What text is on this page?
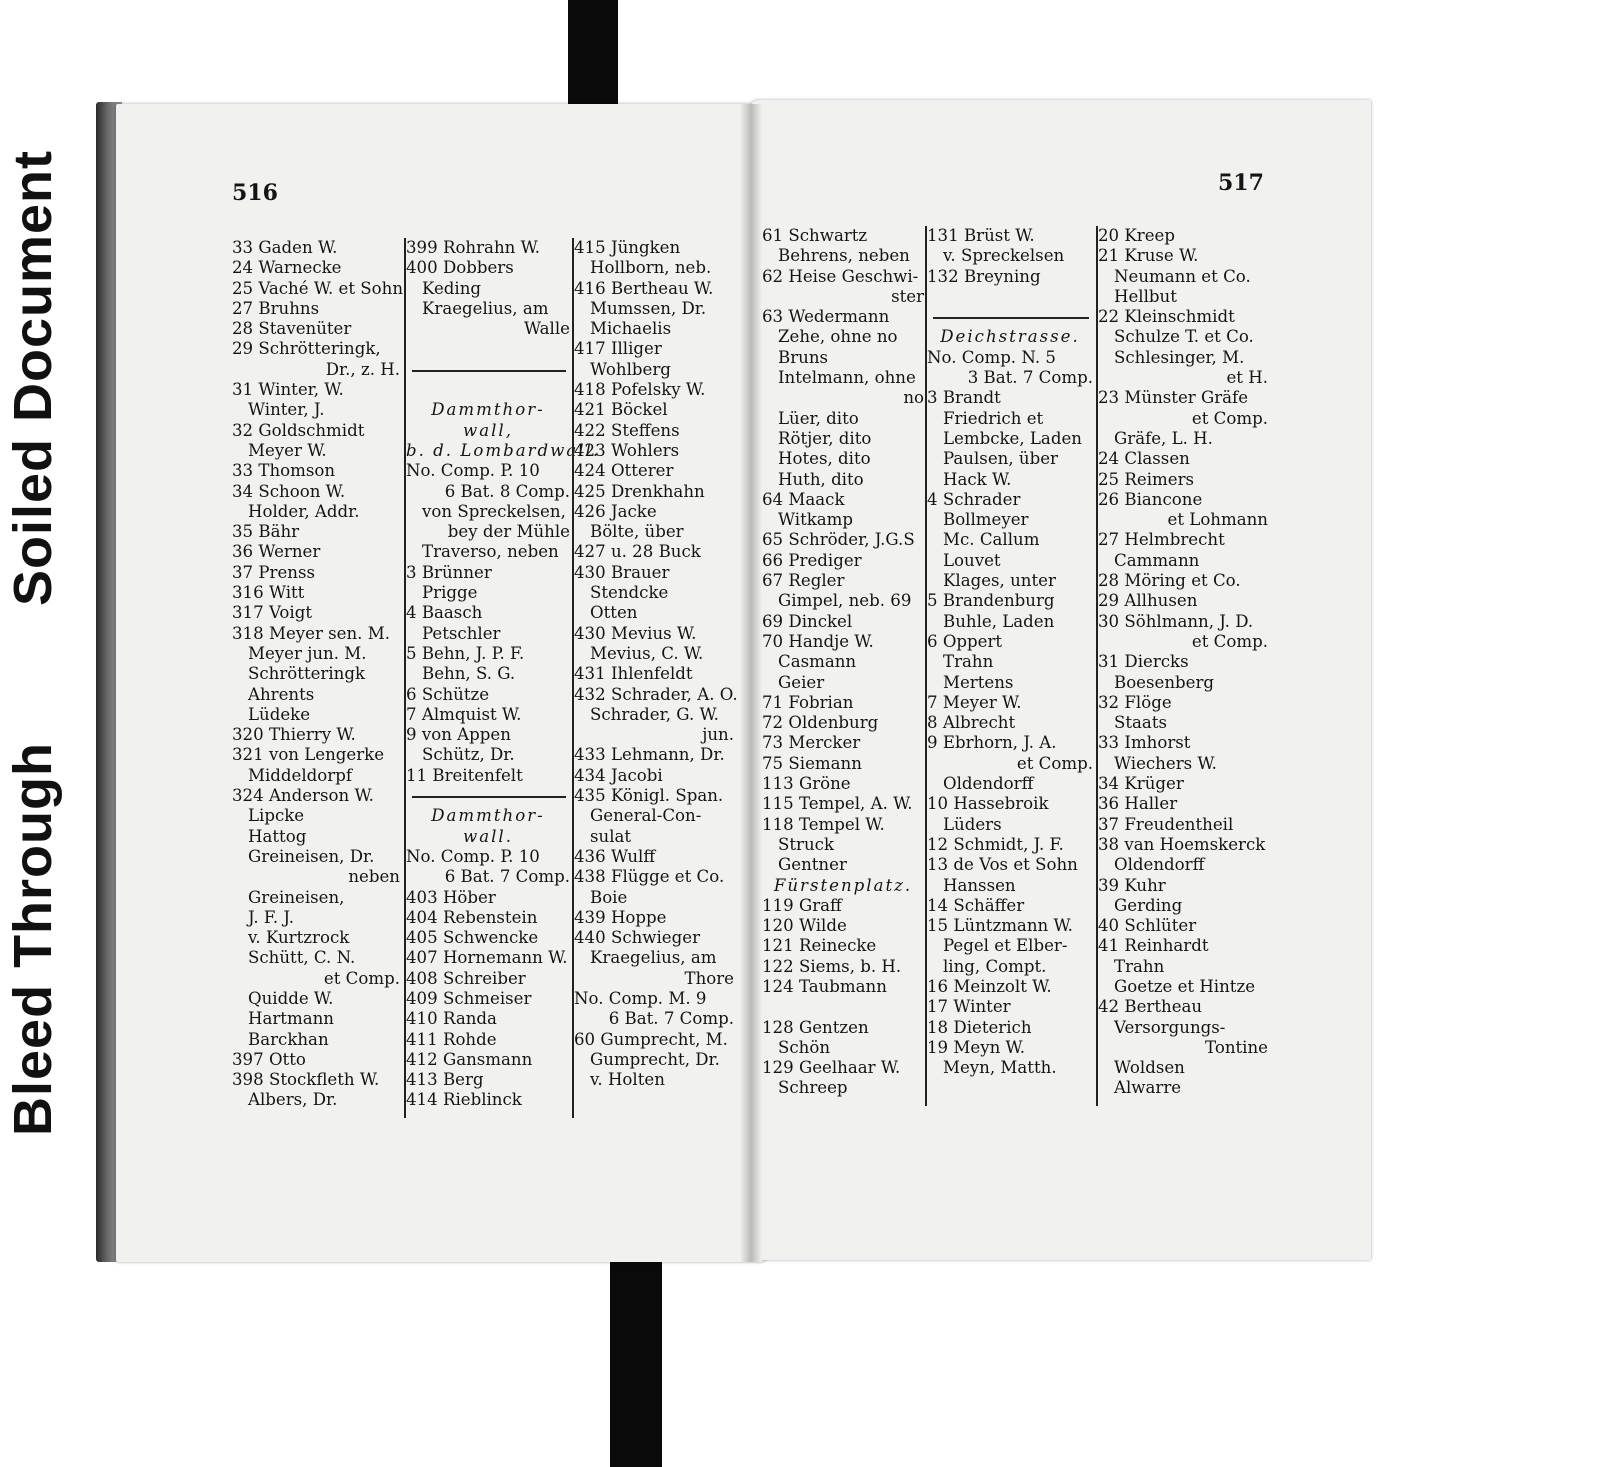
Soiled Document
Bleed Through
516	517
33 Gaden W.
24 Warnecke
25 Vaché W. et Sohn
27 Bruhns
28 Stavenüter
29 Schrötteringk,
Dr., z. H.
31 Winter, W.
Winter, J.
32 Goldschmidt
Meyer W.
33 Thomson
34 Schoon W.
Holder, Addr.
35 Bähr
36 Werner
37 Prenss
316 Witt
317 Voigt
318 Meyer sen. M.
Meyer jun. M.
Schrötteringk
Ahrents
Lüdeke
320 Thierry W.
321 von Lengerke
Middeldorpf
324 Anderson W.
Lipcke
Hattog
Greineisen, Dr.
neben
Greineisen,
J. F. J.
v. Kurtzrock
Schütt, C. N.
et Comp.
Quidde W.
Hartmann
Barckhan
397 Otto
398 Stockfleth W.
Albers, Dr.
399 Rohrahn W.
400 Dobbers
Keding
Kraegelius, am
Walle
Dammthor-
wall,
b. d. Lombardwall.
No. Comp. P. 10
6 Bat. 8 Comp.
von Spreckelsen,
bey der Mühle
Traverso, neben
3 Brünner
Prigge
4 Baasch
Petschler
5 Behn, J. P. F.
Behn, S. G.
6 Schütze
7 Almquist W.
9 von Appen
Schütz, Dr.
11 Breitenfelt
Dammthor-
wall.
No. Comp. P. 10
6 Bat. 7 Comp.
403 Höber
404 Rebenstein
405 Schwencke
407 Hornemann W.
408 Schreiber
409 Schmeiser
410 Randa
411 Rohde
412 Gansmann
413 Berg
414 Rieblinck
415 Jüngken
Hollborn, neb.
416 Bertheau W.
Mumssen, Dr.
Michaelis
417 Illiger
Wohlberg
418 Pofelsky W.
421 Böckel
422 Steffens
423 Wohlers
424 Otterer
425 Drenkhahn
426 Jacke
Bölte, über
427 u. 28 Buck
430 Brauer
Stendcke
Otten
430 Mevius W.
Mevius, C. W.
431 Ihlenfeldt
432 Schrader, A. O.
Schrader, G. W.
jun.
433 Lehmann, Dr.
434 Jacobi
435 Königl. Span.
General-Con-
sulat
436 Wulff
438 Flügge et Co.
Boie
439 Hoppe
440 Schwieger
Kraegelius, am
Thore
No. Comp. M. 9
6 Bat. 7 Comp.
60 Gumprecht, M.
Gumprecht, Dr.
v. Holten
61 Schwartz
Behrens, neben
62 Heise Geschwi-
ster
63 Wedermann
Zehe, ohne no
Bruns
Intelmann, ohne
no
Lüer, dito
Rötjer, dito
Hotes, dito
Huth, dito
64 Maack
Witkamp
65 Schröder, J.G.S
66 Prediger
67 Regler
Gimpel, neb. 69
69 Dinckel
70 Handje W.
Casmann
Geier
71 Fobrian
72 Oldenburg
73 Mercker
75 Siemann
113 Gröne
115 Tempel, A. W.
118 Tempel W.
Struck
Gentner
Fürstenplatz.
119 Graff
120 Wilde
121 Reinecke
122 Siems, b. H.
124 Taubmann
128 Gentzen
Schön
129 Geelhaar W.
Schreep
131 Brüst W.
v. Spreckelsen
132 Breyning
Deichstrasse.
No. Comp. N. 5
3 Bat. 7 Comp.
3 Brandt
Friedrich et
Lembcke, Laden
Paulsen, über
Hack W.
4 Schrader
Bollmeyer
Mc. Callum
Louvet
Klages, unter
5 Brandenburg
Buhle, Laden
6 Oppert
Trahn
Mertens
7 Meyer W.
8 Albrecht
9 Ebrhorn, J. A.
et Comp.
Oldendorff
10 Hassebroik
Lüders
12 Schmidt, J. F.
13 de Vos et Sohn
Hanssen
14 Schäffer
15 Lüntzmann W.
Pegel et Elber-
ling, Compt.
16 Meinzolt W.
17 Winter
18 Dieterich
19 Meyn W.
Meyn, Matth.
20 Kreep
21 Kruse W.
Neumann et Co.
Hellbut
22 Kleinschmidt
Schulze T. et Co.
Schlesinger, M.
et H.
23 Münster Gräfe
et Comp.
Gräfe, L. H.
24 Classen
25 Reimers
26 Biancone
et Lohmann
27 Helmbrecht
Cammann
28 Möring et Co.
29 Allhusen
30 Söhlmann, J. D.
et Comp.
31 Diercks
Boesenberg
32 Flöge
Staats
33 Imhorst
Wiechers W.
34 Krüger
36 Haller
37 Freudentheil
38 van Hoemskerck
Oldendorff
39 Kuhr
Gerding
40 Schlüter
41 Reinhardt
Trahn
Goetze et Hintze
42 Bertheau
Versorgungs-
Tontine
Woldsen
Alwarre
